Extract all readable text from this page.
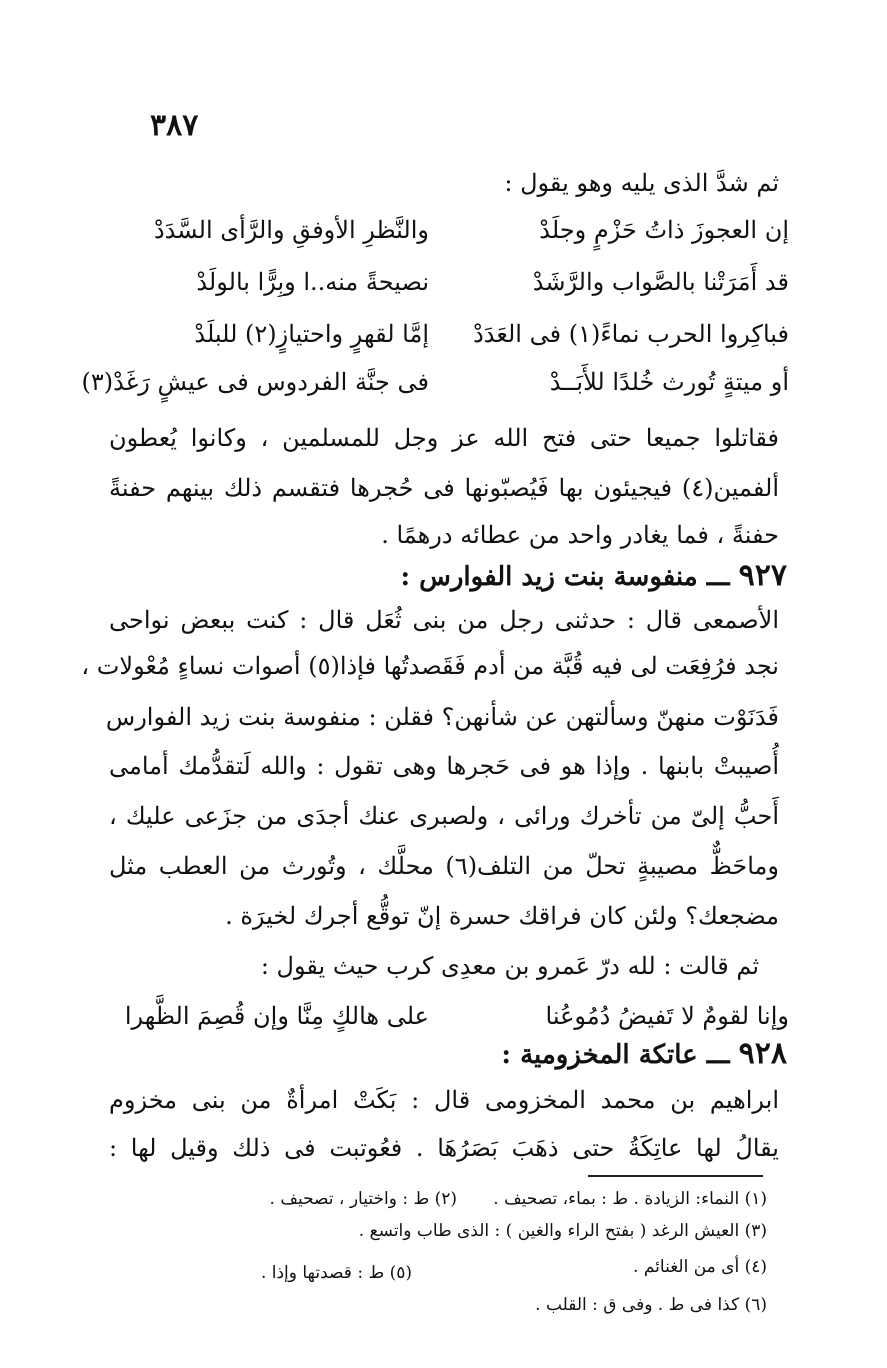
٣٨٧
ثم شدَّ الذى يليه وهو يقول :
إن العجوزَ ذاتُ حَزْمٍ وجلَدْ
والنَّظرِ الأوفقِ والرَّأى السَّدَدْ
قد أَمَرَتْنا بالصَّواب والرَّشَدْ
نصيحةً منه..ا وبِرًّا بالولَدْ
فباكِروا الحرب نماءً(١) فى العَدَدْ
إمَّا لقهرٍ واحتيازٍ(٢) للبلَدْ
أو ميتةٍ تُورث خُلدًا للأَبَــدْ
فى جنَّة الفردوس فى عيشٍ رَغَدْ(٣)
فقاتلوا جميعا حتى فتح الله عز وجل للمسلمين ، وكانوا يُعطون
ألفمين(٤) فيجيئون بها فَيُصبّونها فى حُجرها فتقسم ذلك بينهم حفنةً
حفنةً ، فما يغادر واحد من عطائه درهمًا .
٩٢٧ ـــ منفوسة بنت زيد الفوارس :
الأصمعى قال : حدثنى رجل من بنى ثُعَل قال : كنت ببعض نواحى
نجد فرُفِعَت لى فيه قُبَّة من أدم فَقَصدتُها فإذا(٥) أصوات نساءٍ مُعْولات ،
فَدَنَوْت منهنّ وسألتهن عن شأنهن؟ فقلن : منفوسة بنت زيد الفوارس
أُصيبتْ بابنها . وإذا هو فى حَجرها وهى تقول : والله لَتقدُّمك أمامى
أَحبُّ إلىّ من تأخرك ورائى ، ولصبرى عنك أجدَى من جزَعى عليك ،
وماحَظٌّ مصيبةٍ تحلّ من التلف(٦) محلَّك ، وتُورث من العطب مثل
مضجعك؟ ولئن كان فراقك حسرة إنّ توقُّع أجرك لخيرَة .
ثم قالت : لله درّ عَمرو بن معدِى كرب حيث يقول :
وإنا لقومٌ لا تَفيضُ دُمُوعُنا
على هالكٍ مِنَّا وإن قُصِمَ الظَّهرا
٩٢٨ ـــ عاتكة المخزومية :
ابراهيم بن محمد المخزومى قال : بَكَتْ امرأةٌ من بنى مخزوم
يقالُ لها عاتِكَةُ حتى ذهَبَ بَصَرُهَا . فعُوتبت فى ذلك وقيل لها :
(١) النماء: الزيادة . ط : بماء، تصحيف .
(٢) ط : واختيار ، تصحيف .
(٣) العيش الرغد ( بفتح الراء والغين ) : الذى طاب واتسع .
(٤) أى من الغنائم .
(٥) ط : قصدتها وإذا .
(٦) كذا فى ط . وفى ق : القلب .
